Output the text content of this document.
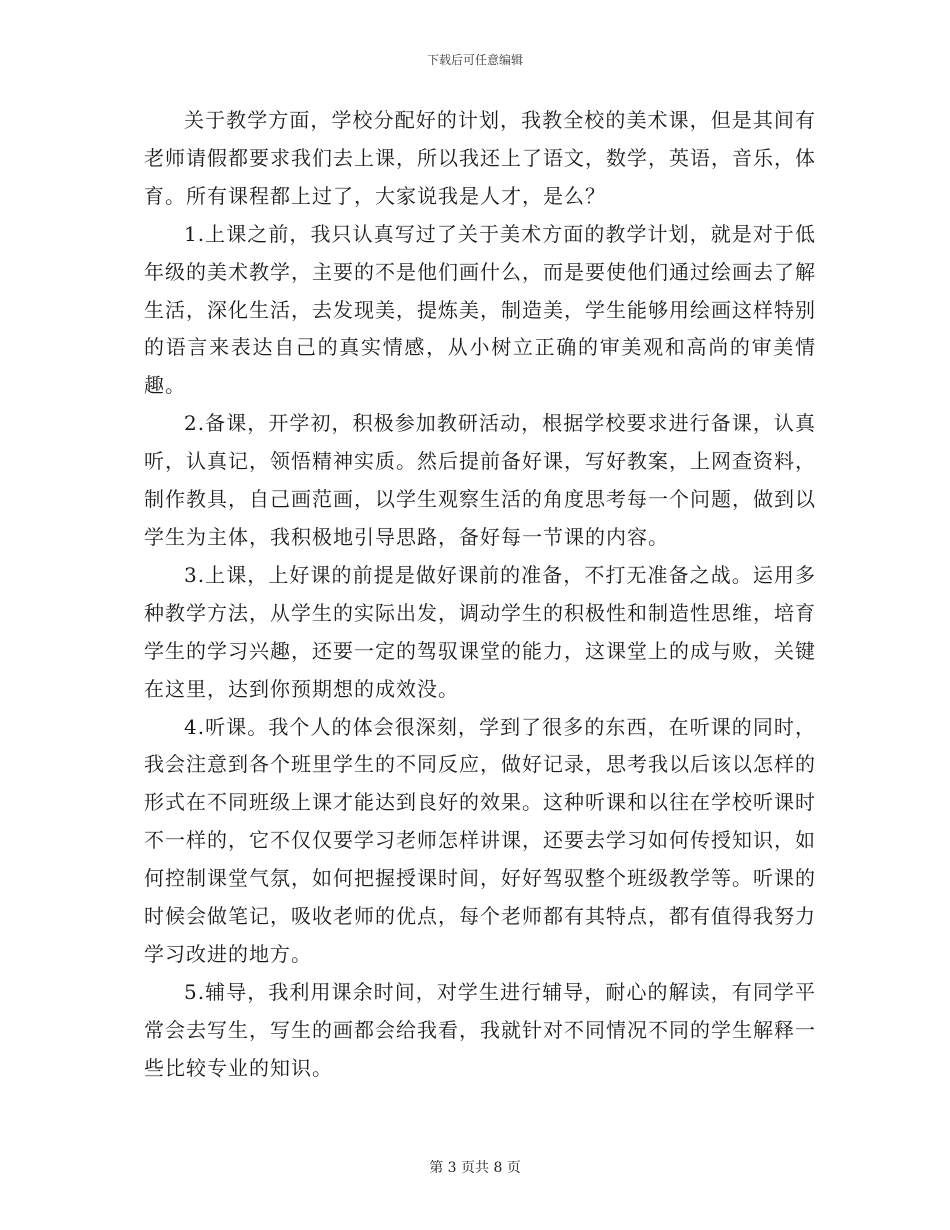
下载后可任意编辑

关于教学方面，学校分配好的计划，我教全校的美术课，但是其间有老师请假都要求我们去上课，所以我还上了语文，数学，英语，音乐，体育。所有课程都上过了，大家说我是人才，是么？

1.上课之前，我只认真写过了关于美术方面的教学计划，就是对于低年级的美术教学，主要的不是他们画什么，而是要使他们通过绘画去了解生活，深化生活，去发现美，提炼美，制造美，学生能够用绘画这样特别的语言来表达自己的真实情感，从小树立正确的审美观和高尚的审美情趣。

2.备课，开学初，积极参加教研活动，根据学校要求进行备课，认真听，认真记，领悟精神实质。然后提前备好课，写好教案，上网查资料，制作教具，自己画范画，以学生观察生活的角度思考每一个问题，做到以学生为主体，我积极地引导思路，备好每一节课的内容。

3.上课，上好课的前提是做好课前的准备，不打无准备之战。运用多种教学方法，从学生的实际出发，调动学生的积极性和制造性思维，培育学生的学习兴趣，还要一定的驾驭课堂的能力，这课堂上的成与败，关键在这里，达到你预期想的成效没。

4.听课。我个人的体会很深刻，学到了很多的东西，在听课的同时，我会注意到各个班里学生的不同反应，做好记录，思考我以后该以怎样的形式在不同班级上课才能达到良好的效果。这种听课和以往在学校听课时不一样的，它不仅仅要学习老师怎样讲课，还要去学习如何传授知识，如何控制课堂气氛，如何把握授课时间，好好驾驭整个班级教学等。听课的时候会做笔记，吸收老师的优点，每个老师都有其特点，都有值得我努力学习改进的地方。

5.辅导，我利用课余时间，对学生进行辅导，耐心的解读，有同学平常会去写生，写生的画都会给我看，我就针对不同情况不同的学生解释一些比较专业的知识。

第 3 页共 8 页
